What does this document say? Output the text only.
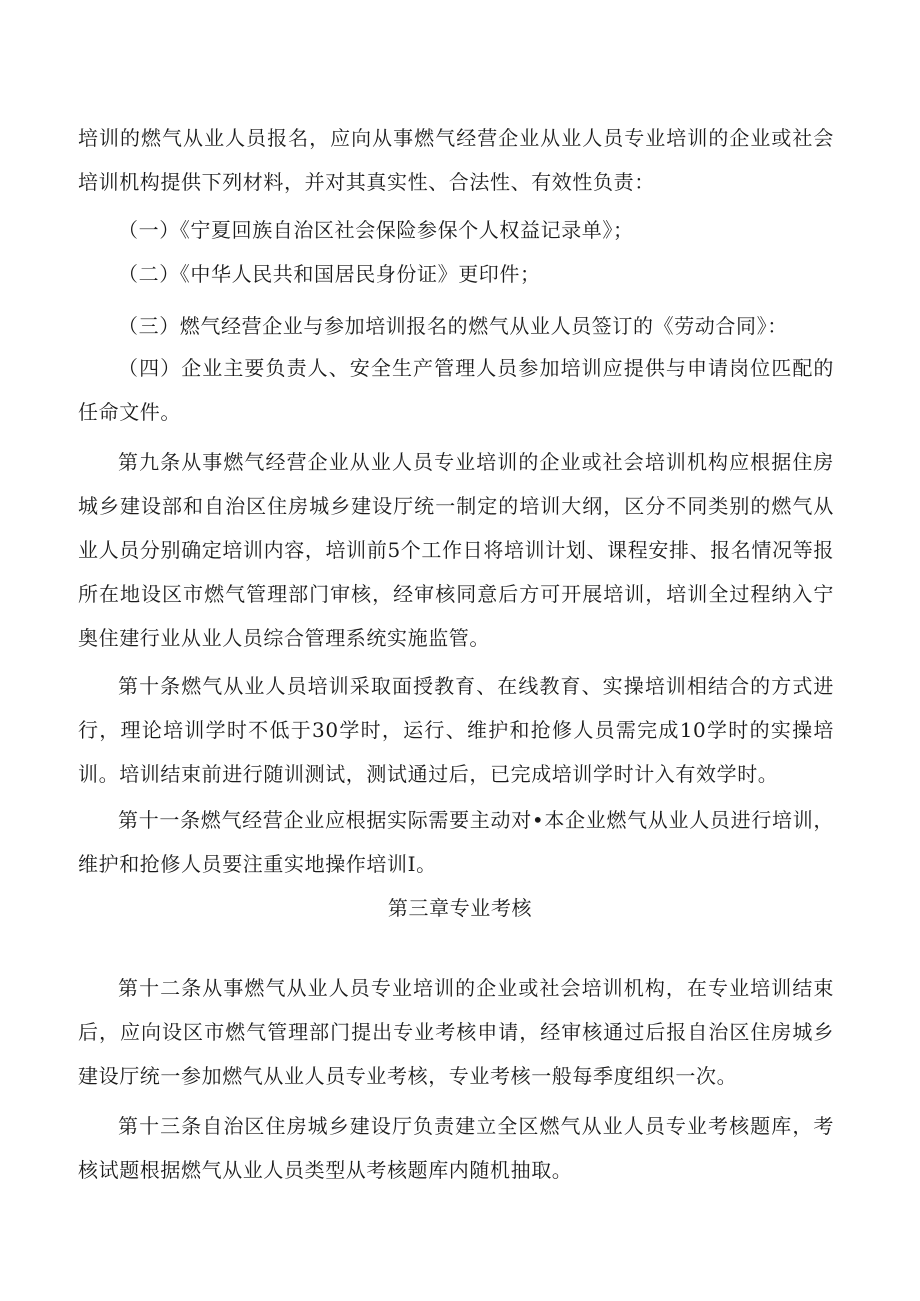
培训的燃气从业人员报名，应向从事燃气经营企业从业人员专业培训的企业或社会培训机构提供下列材料，并对其真实性、合法性、有效性负责：

（一）《宁夏回族自治区社会保险参保个人权益记录单》；

（二）《中华人民共和国居民身份证》更印件；

（三）燃气经营企业与参加培训报名的燃气从业人员签订的《劳动合同》：

（四）企业主要负责人、安全生产管理人员参加培训应提供与申请岗位匹配的任命文件。

第九条从事燃气经营企业从业人员专业培训的企业或社会培训机构应根据住房城乡建设部和自治区住房城乡建设厅统一制定的培训大纲，区分不同类别的燃气从业人员分别确定培训内容，培训前5个工作日将培训计划、课程安排、报名情况等报所在地设区市燃气管理部门审核，经审核同意后方可开展培训，培训全过程纳入宁奥住建行业从业人员综合管理系统实施监管。

第十条燃气从业人员培训采取面授教育、在线教育、实操培训相结合的方式进行，理论培训学时不低于30学时，运行、维护和抢修人员需完成10学时的实操培训。培训结束前进行随训测试，测试通过后，已完成培训学时计入有效学时。

第十一条燃气经营企业应根据实际需要主动对•本企业燃气从业人员进行培训，维护和抢修人员要注重实地操作培训I。

第三章专业考核

第十二条从事燃气从业人员专业培训的企业或社会培训机构，在专业培训结束后，应向设区市燃气管理部门提出专业考核申请，经审核通过后报自治区住房城乡建设厅统一参加燃气从业人员专业考核，专业考核一般每季度组织一次。

第十三条自治区住房城乡建设厅负责建立全区燃气从业人员专业考核题库，考核试题根据燃气从业人员类型从考核题库内随机抽取。
